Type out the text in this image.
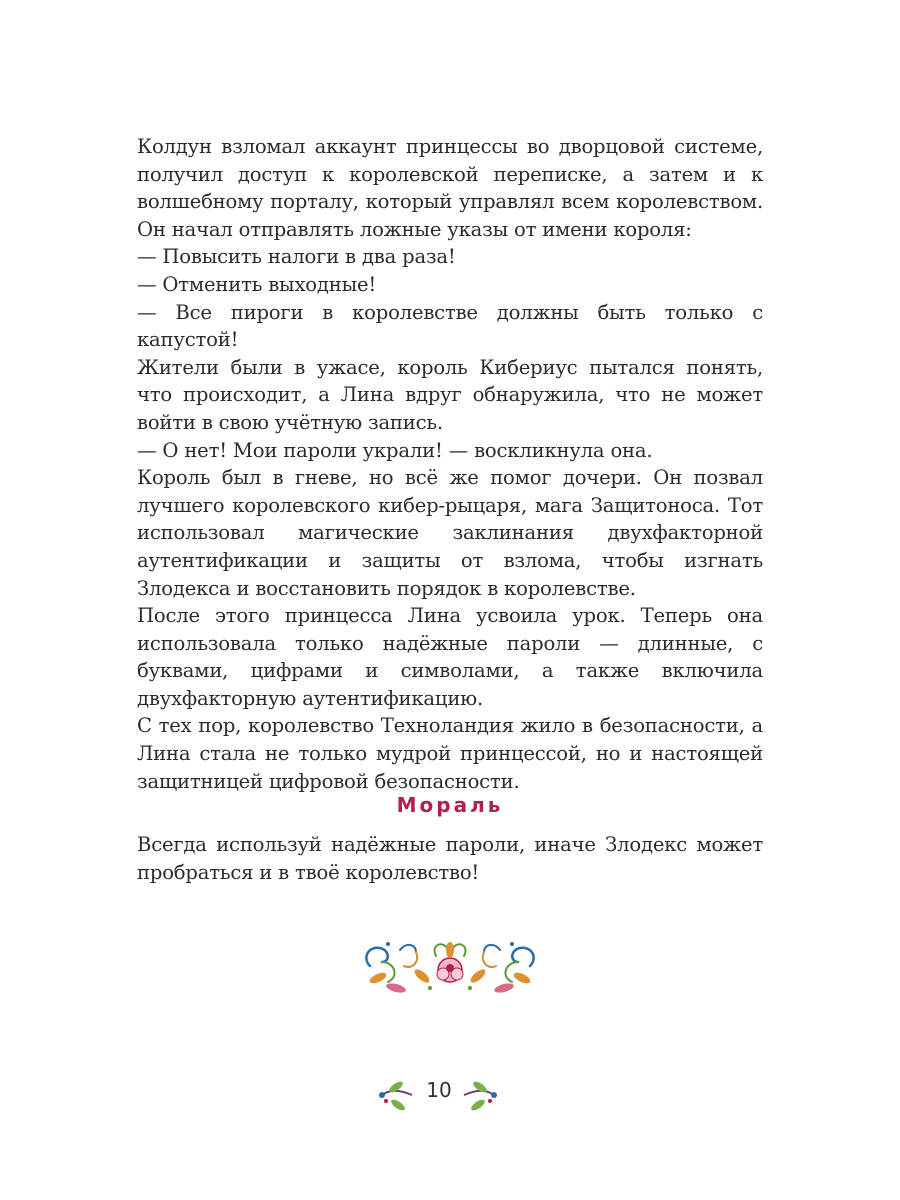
Колдун взломал аккаунт принцессы во дворцовой системе, получил доступ к королевской переписке, а затем и к волшебному порталу, который управлял всем королевством. Он начал отправлять ложные указы от имени короля:

— Повысить налоги в два раза!

— Отменить выходные!

— Все пироги в королевстве должны быть только с капустой!

Жители были в ужасе, король Кибериус пытался понять, что происходит, а Лина вдруг обнаружила, что не может войти в свою учётную запись.

— О нет! Мои пароли украли! — воскликнула она.

Король был в гневе, но всё же помог дочери. Он позвал лучшего королевского кибер-рыцаря, мага Защитоноса. Тот использовал магические заклинания двухфакторной аутентификации и защиты от взлома, чтобы изгнать Злодекса и восстановить порядок в королевстве.

После этого принцесса Лина усвоила урок. Теперь она использовала только надёжные пароли — длинные, с буквами, цифрами и символами, а также включила двухфакторную аутентификацию.

С тех пор, королевство Техноландия жило в безопасности, а Лина стала не только мудрой принцессой, но и настоящей защитницей цифровой безопасности.

Мораль

Всегда используй надёжные пароли, иначе Злодекс может пробраться и в твоё королевство!

10
